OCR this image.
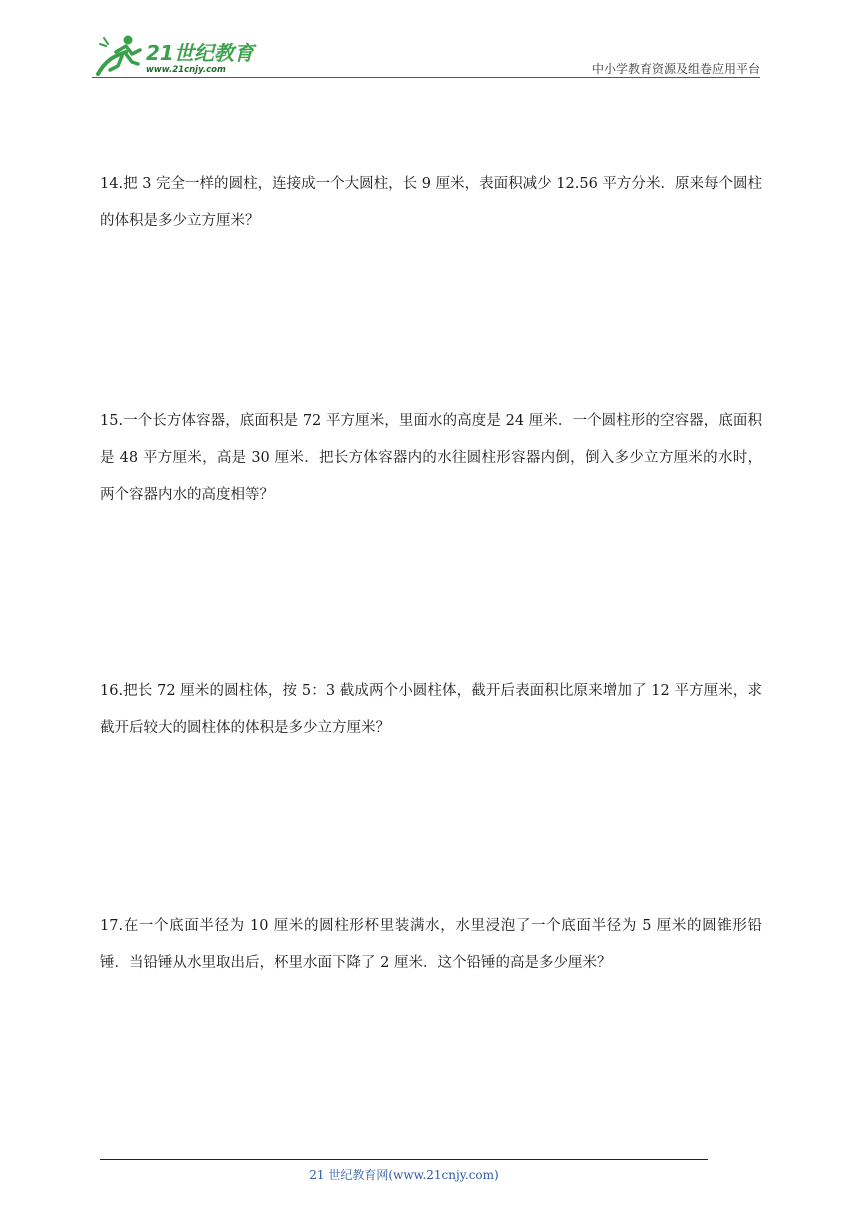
21世纪教育
www.21cnjy.com	中小学教育资源及组卷应用平台

14.把 3 完全一样的圆柱，连接成一个大圆柱，长 9 厘米，表面积减少 12.56 平方分米．原来每个圆柱的体积是多少立方厘米？

15.一个长方体容器，底面积是 72 平方厘米，里面水的高度是 24 厘米．一个圆柱形的空容器，底面积是 48 平方厘米，高是 30 厘米．把长方体容器内的水往圆柱形容器内倒，倒入多少立方厘米的水时，两个容器内水的高度相等？

16.把长 72 厘米的圆柱体，按 5：3 截成两个小圆柱体，截开后表面积比原来增加了 12 平方厘米，求截开后较大的圆柱体的体积是多少立方厘米？

17.在一个底面半径为 10 厘米的圆柱形杯里装满水，水里浸泡了一个底面半径为 5 厘米的圆锥形铅锤．当铅锤从水里取出后，杯里水面下降了 2 厘米．这个铅锤的高是多少厘米？

21 世纪教育网(www.21cnjy.com)
